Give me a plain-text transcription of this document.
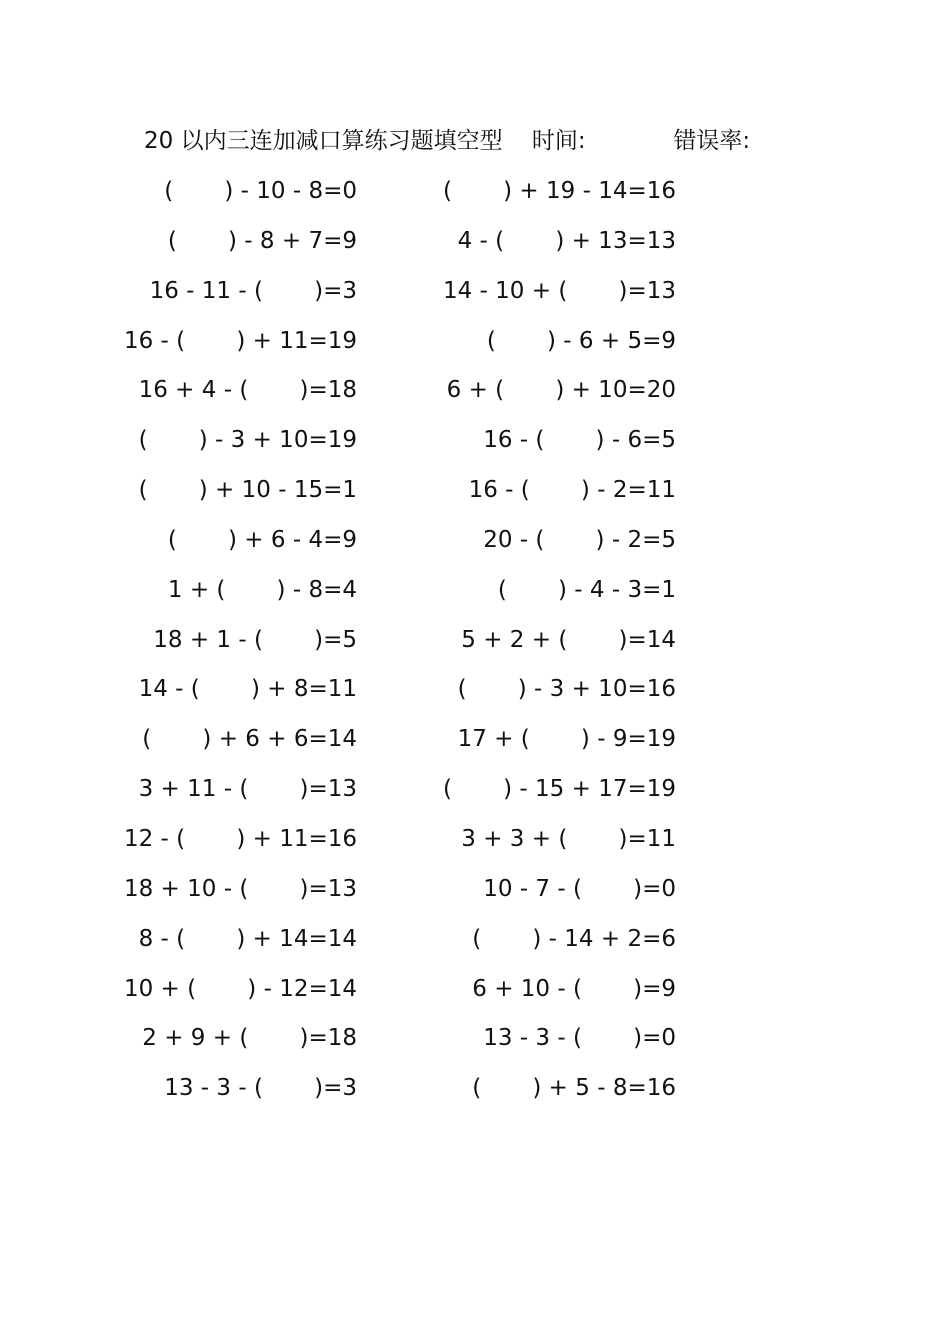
20 以内三连加减口算练习题填空型 时间:	错误率:
(       ) - 10 - 8=0	(       ) + 19 - 14=16
(       ) - 8 + 7=9	4 - (       ) + 13=13
16 - 11 - (       )=3	14 - 10 + (       )=13
16 - (       ) + 11=19	(       ) - 6 + 5=9
16 + 4 - (       )=18	6 + (       ) + 10=20
(       ) - 3 + 10=19	16 - (       ) - 6=5
(       ) + 10 - 15=1	16 - (       ) - 2=11
(       ) + 6 - 4=9	20 - (       ) - 2=5
1 + (       ) - 8=4	(       ) - 4 - 3=1
18 + 1 - (       )=5	5 + 2 + (       )=14
14 - (       ) + 8=11	(       ) - 3 + 10=16
(       ) + 6 + 6=14	17 + (       ) - 9=19
3 + 11 - (       )=13	(       ) - 15 + 17=19
12 - (       ) + 11=16	3 + 3 + (       )=11
18 + 10 - (       )=13	10 - 7 - (       )=0
8 - (       ) + 14=14	(       ) - 14 + 2=6
10 + (       ) - 12=14	6 + 10 - (       )=9
2 + 9 + (       )=18	13 - 3 - (       )=0
13 - 3 - (       )=3	(       ) + 5 - 8=16
